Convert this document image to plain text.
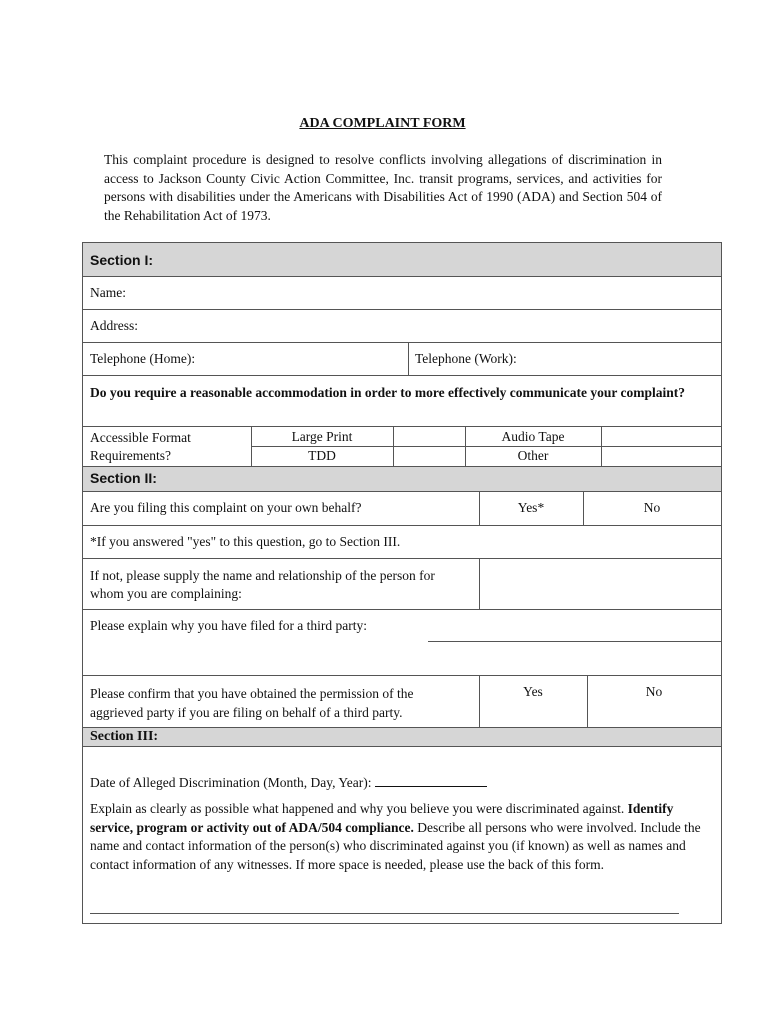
ADA COMPLAINT FORM
This complaint procedure is designed to resolve conflicts involving allegations of discrimination in access to Jackson County Civic Action Committee, Inc. transit programs, services, and activities for persons with disabilities under the Americans with Disabilities Act of 1990 (ADA) and Section 504 of the Rehabilitation Act of 1973.
Section I:
Name:
Address:
Telephone (Home):	Telephone (Work):
Do you require a reasonable accommodation in order to more effectively communicate your complaint?
Accessible Format Requirements?
Large Print	Audio Tape
TDD	Other
Section II:
Are you filing this complaint on your own behalf?	Yes*	No
*If you answered "yes" to this question, go to Section III.
If not, please supply the name and relationship of the person for whom you are complaining:
Please explain why you have filed for a third party:
Please confirm that you have obtained the permission of the aggrieved party if you are filing on behalf of a third party.
Yes	No
Section III:
Date of Alleged Discrimination (Month, Day, Year):
Explain as clearly as possible what happened and why you believe you were discriminated against. Identify service, program or activity out of ADA/504 compliance. Describe all persons who were involved. Include the name and contact information of the person(s) who discriminated against you (if known) as well as names and contact information of any witnesses. If more space is needed, please use the back of this form.
